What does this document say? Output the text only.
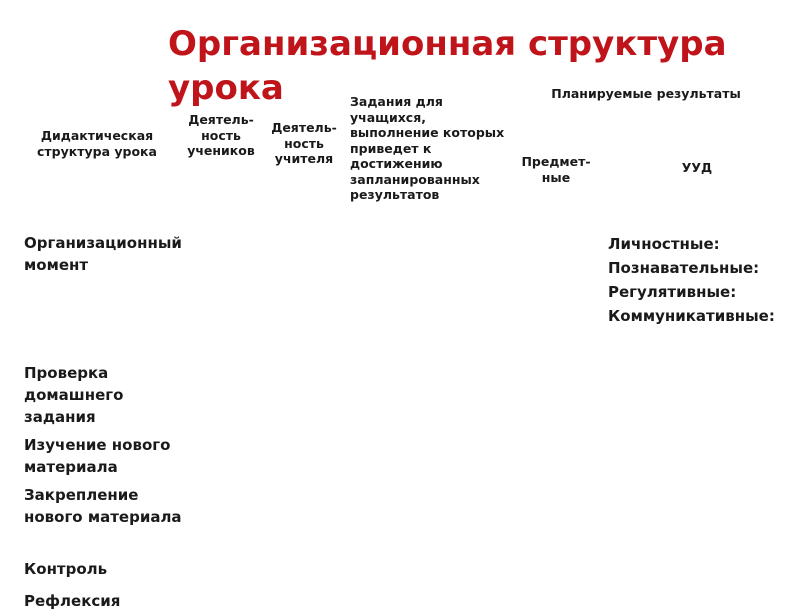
Организационная структура урока
Дидактическая структура урока
Деятель-ность учеников
Деятель-ность учителя
Задания для учащихся, выполнение которых приведет к достижению запланированных результатов
Планируемые результаты
Предмет-ные
УУД
Организационный момент
Проверка домашнего задания
Изучение нового материала
Закрепление нового материала
Контроль
Рефлексия
Личностные:
Познавательные:
Регулятивные:
Коммуникативные:
